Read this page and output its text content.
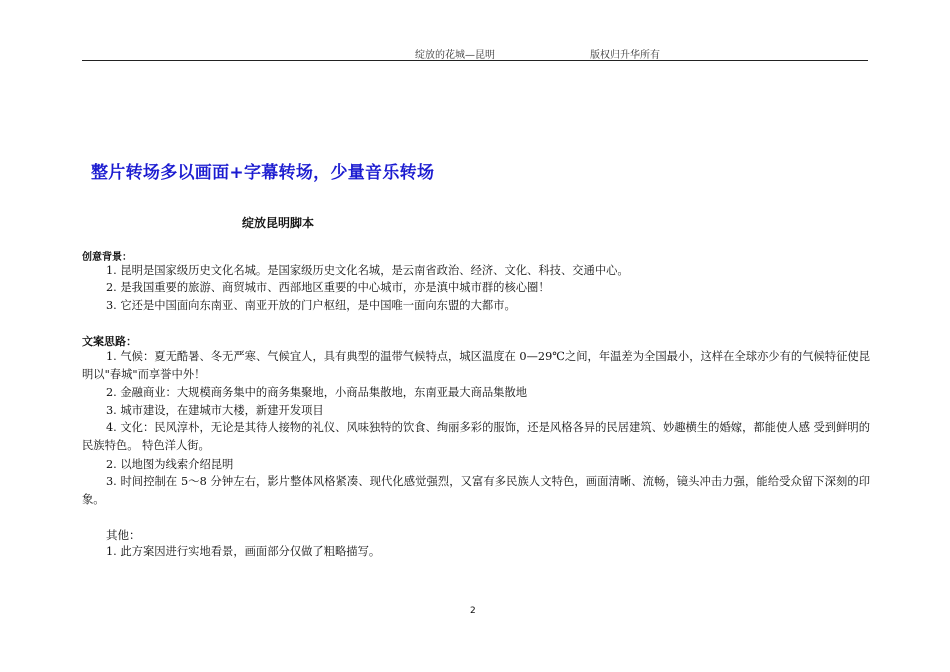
绽放的花城—昆明	版权归升华所有
整片转场多以画面+字幕转场，少量音乐转场
绽放昆明脚本
创意背景：
1. 昆明是国家级历史文化名城。是国家级历史文化名城，是云南省政治、经济、文化、科技、交通中心。
2. 是我国重要的旅游、商贸城市、西部地区重要的中心城市，亦是滇中城市群的核心圈！
3. 它还是中国面向东南亚、南亚开放的门户枢纽，是中国唯一面向东盟的大都市。
文案思路：
1. 气候：夏无酷暑、冬无严寒、气候宜人，具有典型的温带气候特点，城区温度在 0—29℃之间，年温差为全国最小，这样在全球亦少有的气候特征使昆明以"春城"而享誉中外！
2. 金融商业：大规模商务集中的商务集聚地，小商品集散地，东南亚最大商品集散地
3. 城市建设，在建城市大楼，新建开发项目
4. 文化：民风淳朴，无论是其待人接物的礼仪、风味独特的饮食、绚丽多彩的服饰，还是风格各异的民居建筑、妙趣横生的婚嫁，都能使人感 受到鲜明的民族特色。 特色洋人街。
2. 以地图为线索介绍昆明
3. 时间控制在 5～8 分钟左右，影片整体风格紧凑、现代化感觉强烈，又富有多民族人文特色，画面清晰、流畅，镜头冲击力强，能给受众留下深刻的印象。
其他：
1. 此方案因进行实地看景，画面部分仅做了粗略描写。
2
